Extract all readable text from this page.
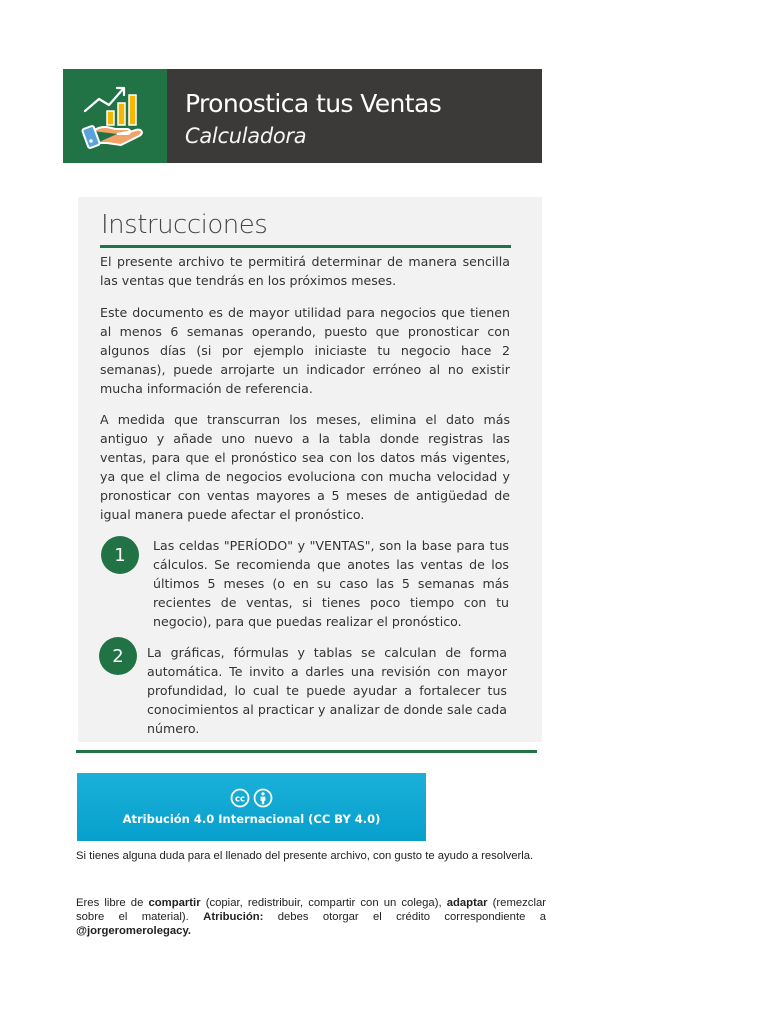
Pronostica tus Ventas
Calculadora
Instrucciones

El presente archivo te permitirá determinar de manera sencilla las ventas que tendrás en los próximos meses.

Este documento es de mayor utilidad para negocios que tienen al menos 6 semanas operando, puesto que pronosticar con algunos días (si por ejemplo iniciaste tu negocio hace 2 semanas), puede arrojarte un indicador erróneo al no existir mucha información de referencia.

A medida que transcurran los meses, elimina el dato más antiguo y añade uno nuevo a la tabla donde registras las ventas, para que el pronóstico sea con los datos más vigentes, ya que el clima de negocios evoluciona con mucha velocidad y pronosticar con ventas mayores a 5 meses de antigüedad de igual manera puede afectar el pronóstico.

1	Las celdas "PERÍODO" y "VENTAS", son la base para tus cálculos. Se recomienda que anotes las ventas de los últimos 5 meses (o en su caso las 5 semanas más recientes de ventas, si tienes poco tiempo con tu negocio), para que puedas realizar el pronóstico.

2	La gráficas, fórmulas y tablas se calculan de forma automática. Te invito a darles una revisión con mayor profundidad, lo cual te puede ayudar a fortalecer tus conocimientos al practicar y analizar de donde sale cada número.

cc
Atribución 4.0 Internacional (CC BY 4.0)

Si tienes alguna duda para el llenado del presente archivo, con gusto te ayudo a resolverla.

Eres libre de compartir (copiar, redistribuir, compartir con un colega), adaptar (remezclar sobre el material). Atribución: debes otorgar el crédito correspondiente a @jorgeromerolegacy.
